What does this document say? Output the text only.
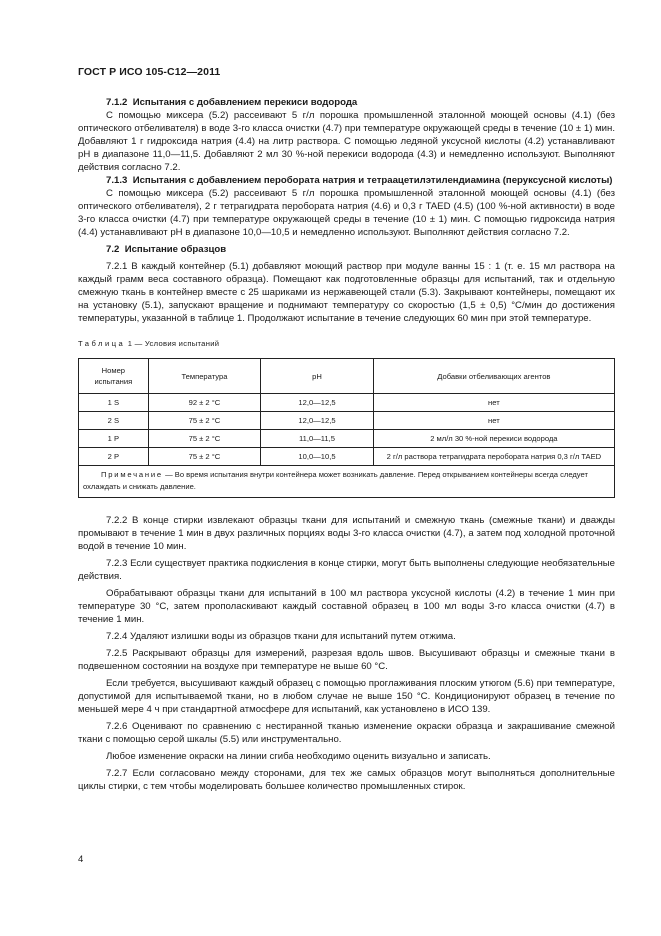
ГОСТ Р ИСО 105-С12—2011

7.1.2 Испытания с добавлением перекиси водорода

С помощью миксера (5.2) рассеивают 5 г/л порошка промышленной эталонной моющей основы (4.1) (без оптического отбеливателя) в воде 3-го класса очистки (4.7) при температуре окружающей среды в течение (10 ± 1) мин. Добавляют 1 г гидроксида натрия (4.4) на литр раствора. С помощью ледяной уксусной кислоты (4.2) устанавливают рН в диапазоне 11,0—11,5. Добавляют 2 мл 30 %-ной перекиси водорода (4.3) и немедленно используют. Выполняют действия согласно 7.2.

7.1.3 Испытания с добавлением перобората натрия и тетраацетилэтилендиамина (перуксусной кислоты)

С помощью миксера (5.2) рассеивают 5 г/л порошка промышленной эталонной моющей основы (4.1) (без оптического отбеливателя), 2 г тетрагидрата перобората натрия (4.6) и 0,3 г TAED (4.5) (100 %-ной активности) в воде 3-го класса очистки (4.7) при температуре окружающей среды в течение (10 ± 1) мин. С помощью гидроксида натрия (4.4) устанавливают рН в диапазоне 10,0—10,5 и немедленно используют. Выполняют действия согласно 7.2.

7.2 Испытание образцов

7.2.1 В каждый контейнер (5.1) добавляют моющий раствор при модуле ванны 15 : 1 (т. е. 15 мл раствора на каждый грамм веса составного образца). Помещают как подготовленные образцы для испытаний, так и отдельную смежную ткань в контейнер вместе с 25 шариками из нержавеющей стали (5.3). Закрывают контейнеры, помещают их на установку (5.1), запускают вращение и поднимают температуру со скоростью (1,5 ± 0,5) °С/мин до достижения температуры, указанной в таблице 1. Продолжают испытание в течение следующих 60 мин при этой температуре.

Таблица 1 — Условия испытаний

Номер испытания	Температура	рН	Добавки отбеливающих агентов
1 S	92 ± 2 °С	12,0—12,5	нет
2 S	75 ± 2 °С	12,0—12,5	нет
1 Р	75 ± 2 °С	11,0—11,5	2 мл/л 30 %-ной перекиси водорода
2 Р	75 ± 2 °С	10,0—10,5	2 г/л раствора тетрагидрата перобората натрия 0,3 г/л TAED
Примечание — Во время испытания внутри контейнера может возникать давление. Перед открыванием контейнеры всегда следует охлаждать и снижать давление.			

7.2.2 В конце стирки извлекают образцы ткани для испытаний и смежную ткань (смежные ткани) и дважды промывают в течение 1 мин в двух различных порциях воды 3-го класса очистки (4.7), а затем под холодной проточной водой в течение 10 мин.

7.2.3 Если существует практика подкисления в конце стирки, могут быть выполнены следующие необязательные действия.

Обрабатывают образцы ткани для испытаний в 100 мл раствора уксусной кислоты (4.2) в течение 1 мин при температуре 30 °С, затем прополаскивают каждый составной образец в 100 мл воды 3-го класса очистки (4.7) в течение 1 мин.

7.2.4 Удаляют излишки воды из образцов ткани для испытаний путем отжима.

7.2.5 Раскрывают образцы для измерений, разрезая вдоль швов. Высушивают образцы и смежные ткани в подвешенном состоянии на воздухе при температуре не выше 60 °С.

Если требуется, высушивают каждый образец с помощью проглаживания плоским утюгом (5.6) при температуре, допустимой для испытываемой ткани, но в любом случае не выше 150 °С. Кондиционируют образец в течение по меньшей мере 4 ч при стандартной атмосфере для испытаний, как установлено в ИСО 139.

7.2.6 Оценивают по сравнению с нестиранной тканью изменение окраски образца и закрашивание смежной ткани с помощью серой шкалы (5.5) или инструментально.

Любое изменение окраски на линии сгиба необходимо оценить визуально и записать.

7.2.7 Если согласовано между сторонами, для тех же самых образцов могут выполняться дополнительные циклы стирки, с тем чтобы моделировать большее количество промышленных стирок.

4
